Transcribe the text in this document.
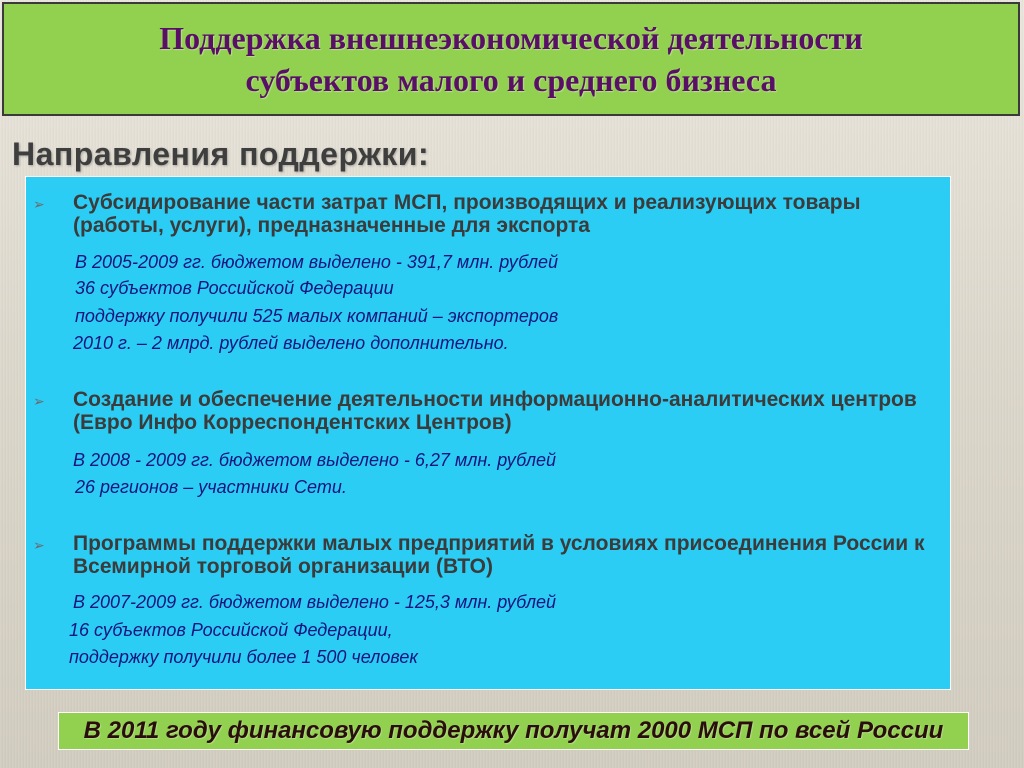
Поддержка внешнеэкономической деятельности
субъектов малого и среднего бизнеса
Направления поддержки:
➢ Субсидирование части затрат МСП, производящих и реализующих товары (работы, услуги), предназначенные для экспорта
В 2005-2009 гг. бюджетом выделено - 391,7 млн. рублей
36 субъектов Российской Федерации
поддержку получили 525 малых компаний – экспортеров
2010 г. – 2 млрд. рублей выделено дополнительно.
➢ Создание и обеспечение деятельности информационно-аналитических центров (Евро Инфо Корреспондентских Центров)
В 2008 - 2009 гг. бюджетом выделено - 6,27 млн. рублей
26 регионов – участники Сети.
➢ Программы поддержки малых предприятий в условиях присоединения России к Всемирной торговой организации (ВТО)
В 2007-2009 гг. бюджетом выделено - 125,3 млн. рублей
16 субъектов Российской Федерации,
поддержку получили более 1 500 человек
В 2011 году финансовую поддержку получат 2000 МСП по всей России
